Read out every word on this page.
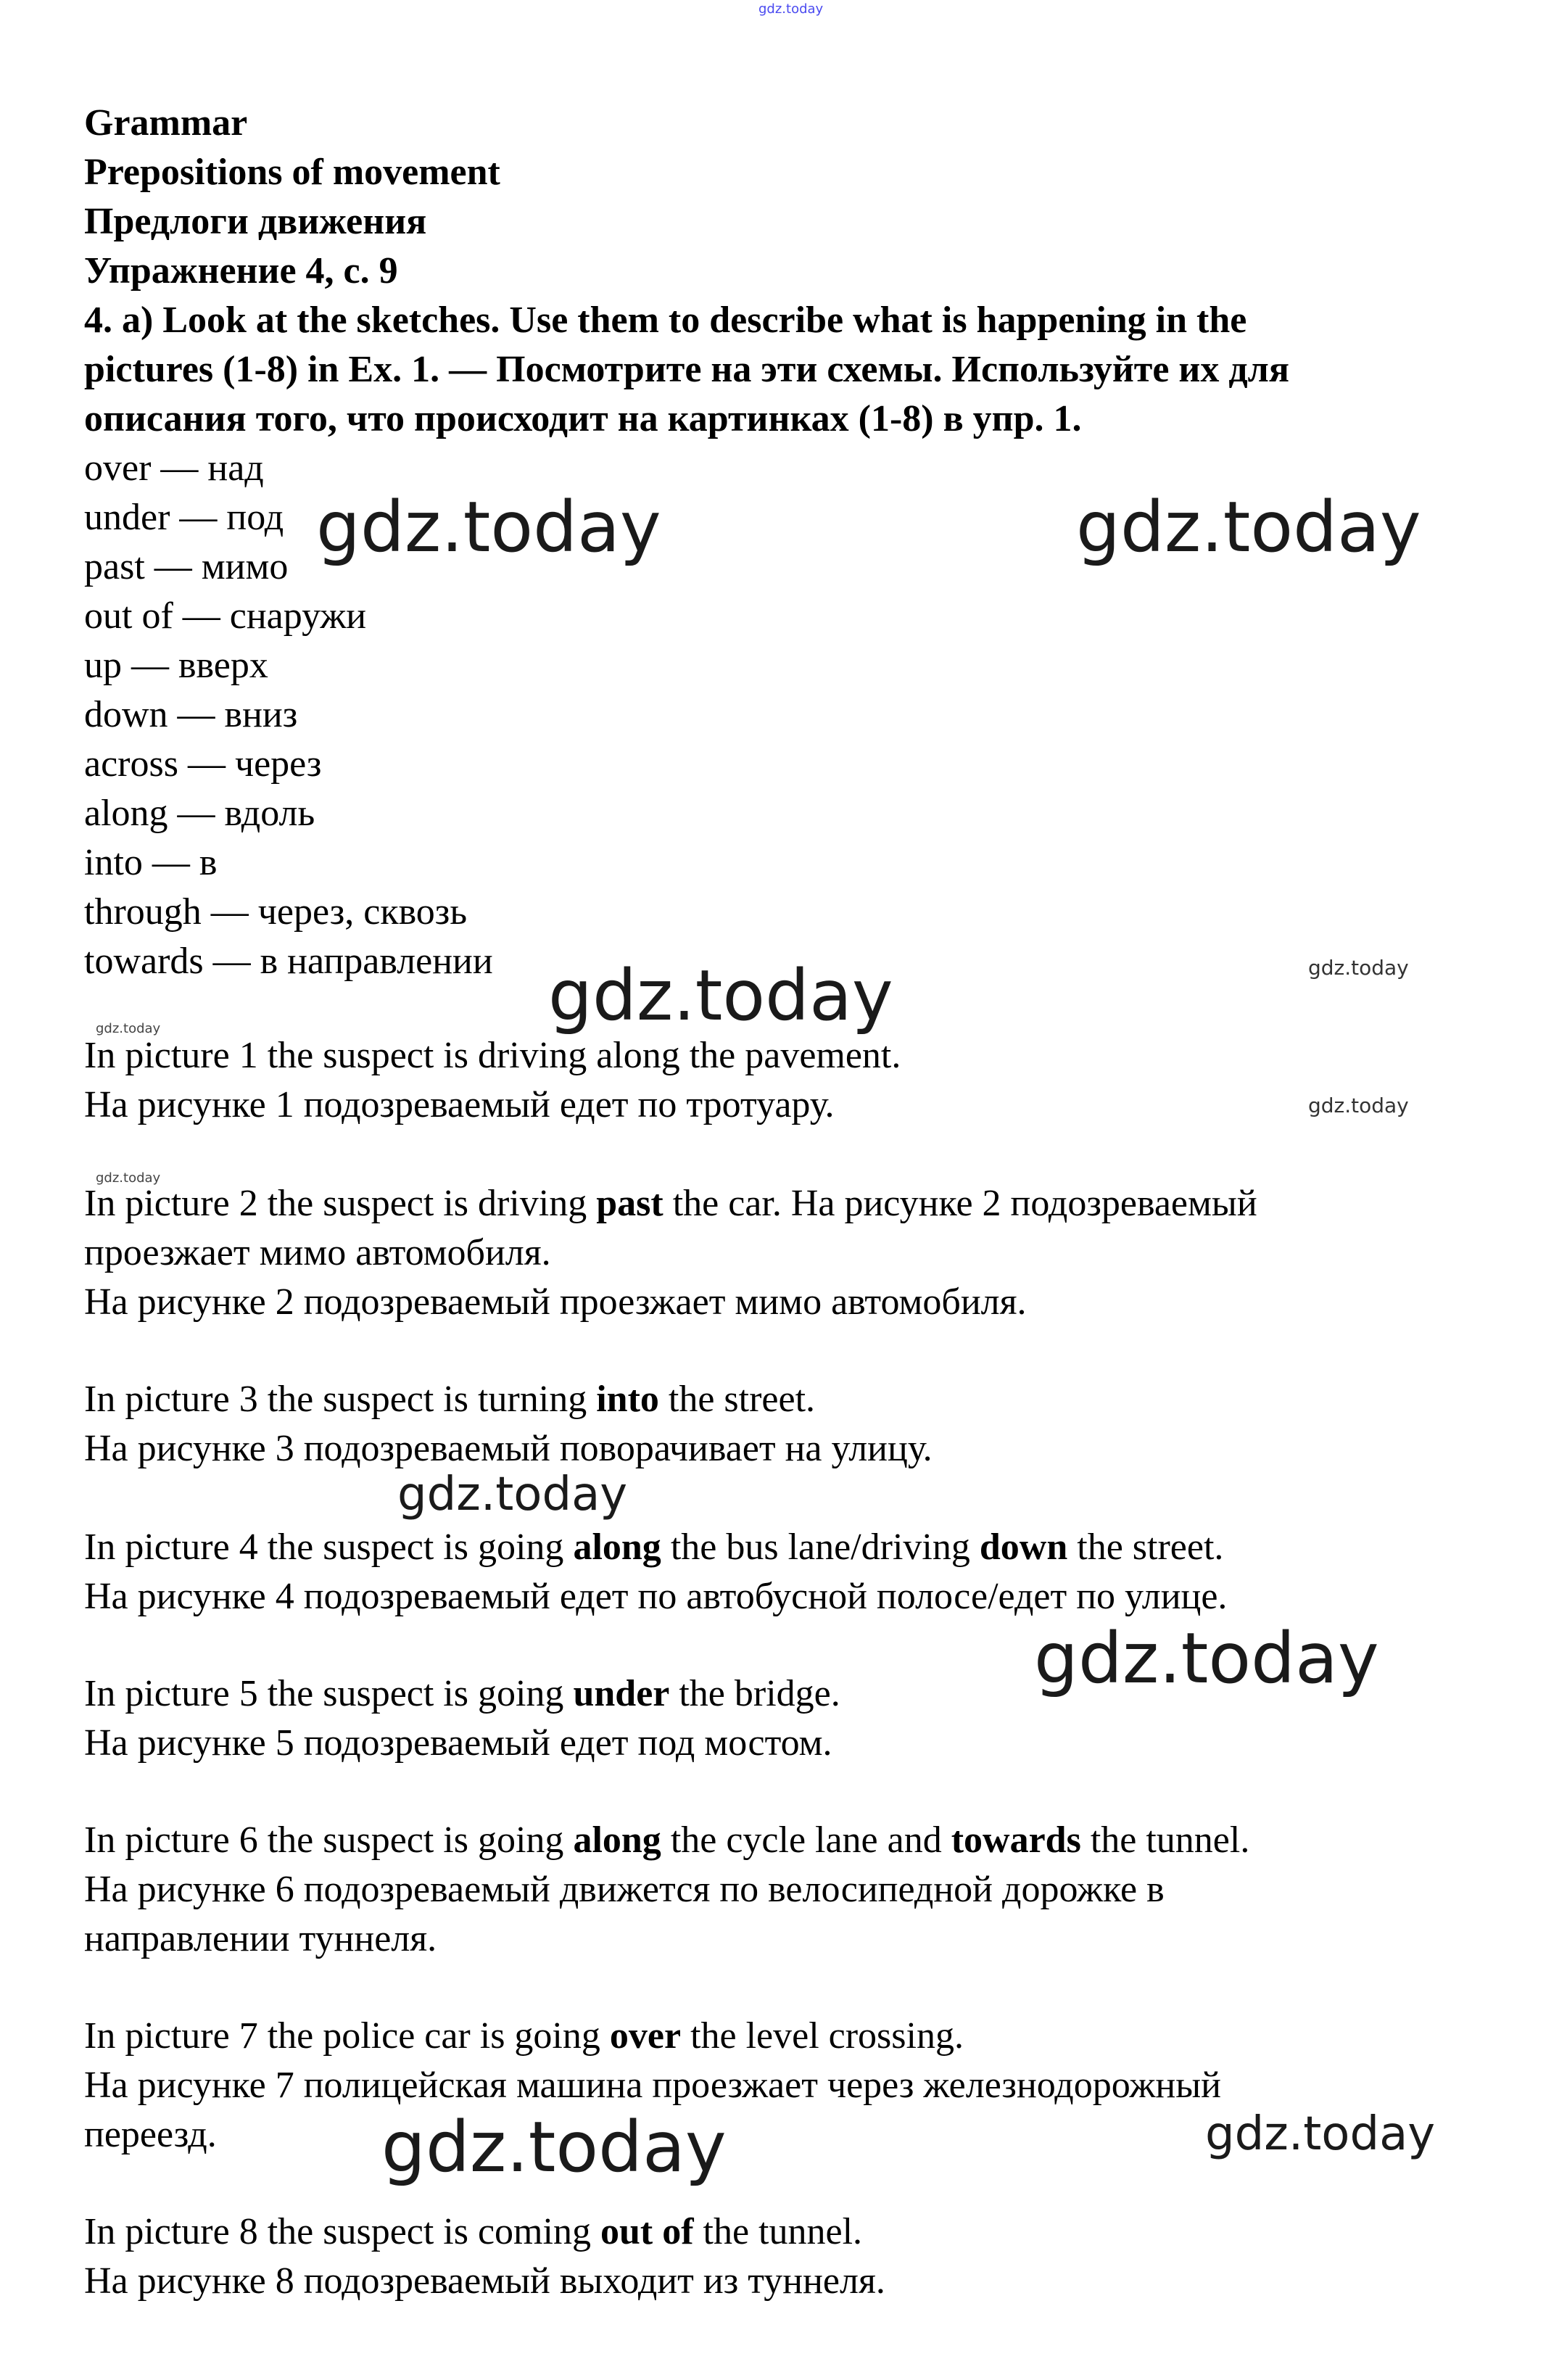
gdz.today
gdz.today	gdz.today
gdz.today	gdz.today
gdz.today
gdz.today
gdz.today
gdz.today
gdz.today
gdz.today	gdz.today
Grammar
Prepositions of movement
Предлоги движения
Упражнение 4, с. 9
4. a) Look at the sketches. Use them to describe what is happening in the
pictures (1-8) in Ex. 1. — Посмотрите на эти схемы. Используйте их для
описания того, что происходит на картинках (1-8) в упр. 1.
over — над
under — под
past — мимо
out of — снаружи
up — вверх
down — вниз
across — через
along — вдоль
into — в
through — через, сквозь
towards — в направлении
In picture 1 the suspect is driving along the pavement.
На рисунке 1 подозреваемый едет по тротуару.
In picture 2 the suspect is driving past the car. На рисунке 2 подозреваемый
проезжает мимо автомобиля.
На рисунке 2 подозреваемый проезжает мимо автомобиля.
In picture 3 the suspect is turning into the street.
На рисунке 3 подозреваемый поворачивает на улицу.
In picture 4 the suspect is going along the bus lane/driving down the street.
На рисунке 4 подозреваемый едет по автобусной полосе/едет по улице.
In picture 5 the suspect is going under the bridge.
На рисунке 5 подозреваемый едет под мостом.
In picture 6 the suspect is going along the cycle lane and towards the tunnel.
На рисунке 6 подозреваемый движется по велосипедной дорожке в
направлении туннеля.
In picture 7 the police car is going over the level crossing.
На рисунке 7 полицейская машина проезжает через железнодорожный
переезд.
In picture 8 the suspect is coming out of the tunnel.
На рисунке 8 подозреваемый выходит из туннеля.
